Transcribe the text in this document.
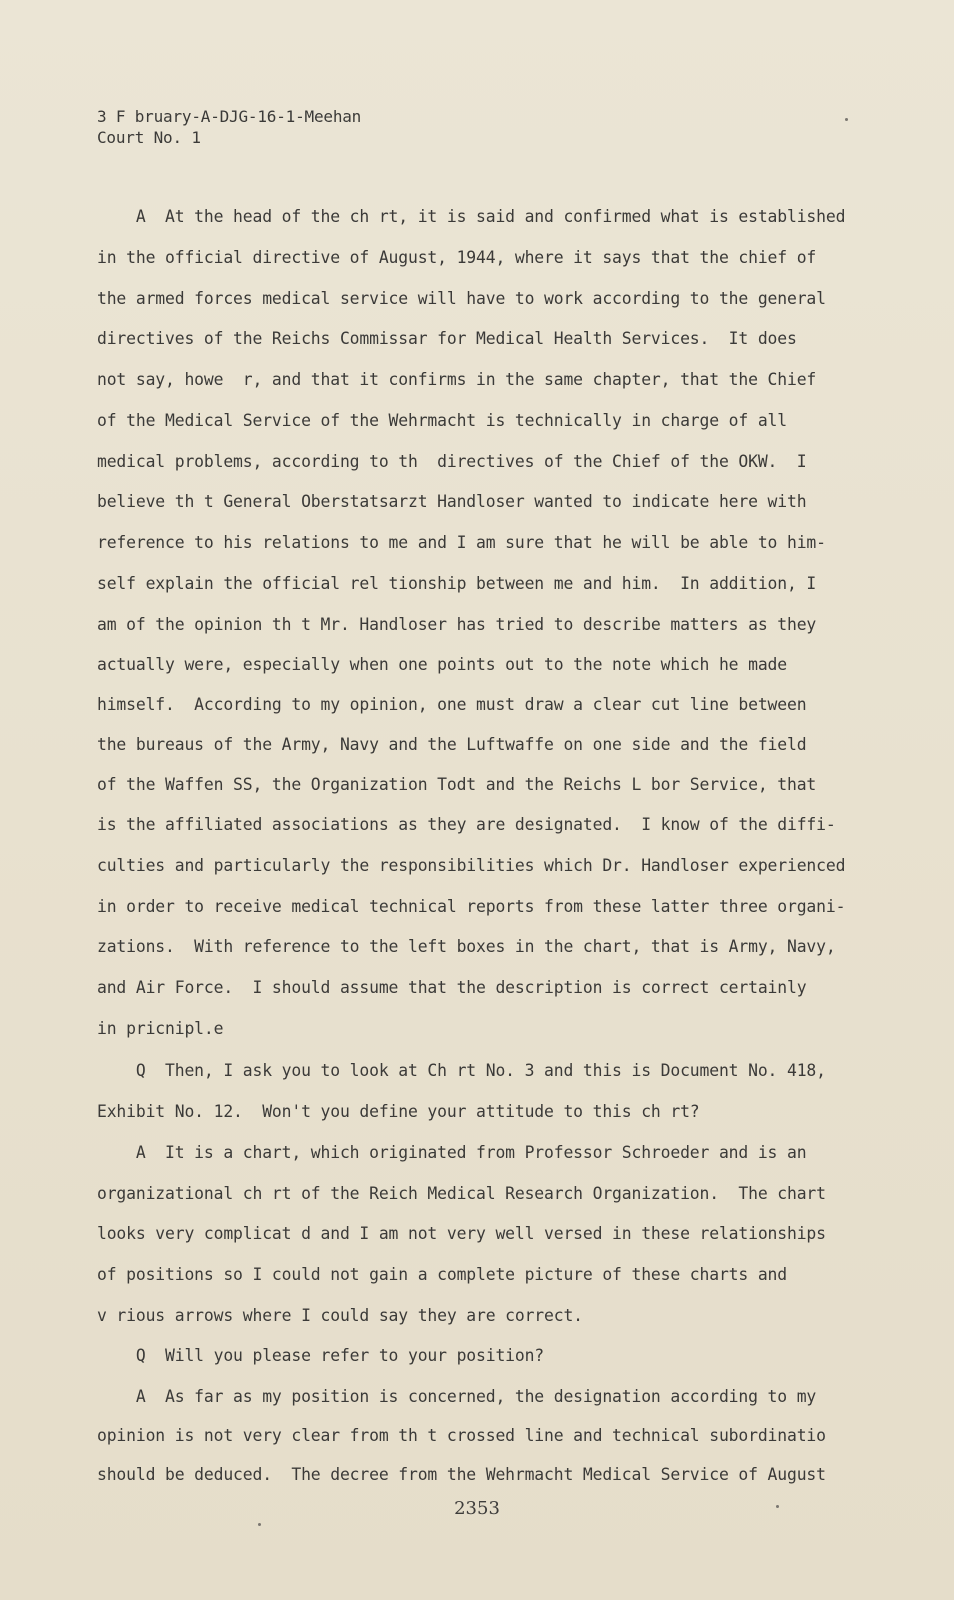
3 F bruary-A-DJG-16-1-Meehan
Court No. 1
A  At the head of the ch rt, it is said and confirmed what is established
in the official directive of August, 1944, where it says that the chief of
the armed forces medical service will have to work according to the general
directives of the Reichs Commissar for Medical Health Services.  It does
not say, howe  r, and that it confirms in the same chapter, that the Chief
of the Medical Service of the Wehrmacht is technically in charge of all
medical problems, according to th  directives of the Chief of the OKW.  I
believe th t General Oberstatsarzt Handloser wanted to indicate here with
reference to his relations to me and I am sure that he will be able to him-
self explain the official rel tionship between me and him.  In addition, I
am of the opinion th t Mr. Handloser has tried to describe matters as they
actually were, especially when one points out to the note which he made
himself.  According to my opinion, one must draw a clear cut line between
the bureaus of the Army, Navy and the Luftwaffe on one side and the field
of the Waffen SS, the Organization Todt and the Reichs L bor Service, that
is the affiliated associations as they are designated.  I know of the diffi-
culties and particularly the responsibilities which Dr. Handloser experienced
in order to receive medical technical reports from these latter three organi-
zations.  With reference to the left boxes in the chart, that is Army, Navy,
and Air Force.  I should assume that the description is correct certainly
in pricnipl.e
Q  Then, I ask you to look at Ch rt No. 3 and this is Document No. 418,
Exhibit No. 12.  Won't you define your attitude to this ch rt?
A  It is a chart, which originated from Professor Schroeder and is an
organizational ch rt of the Reich Medical Research Organization.  The chart
looks very complicat d and I am not very well versed in these relationships
of positions so I could not gain a complete picture of these charts and
v rious arrows where I could say they are correct.
Q  Will you please refer to your position?
A  As far as my position is concerned, the designation according to my
opinion is not very clear from th t crossed line and technical subordinatio
should be deduced.  The decree from the Wehrmacht Medical Service of August
2353
